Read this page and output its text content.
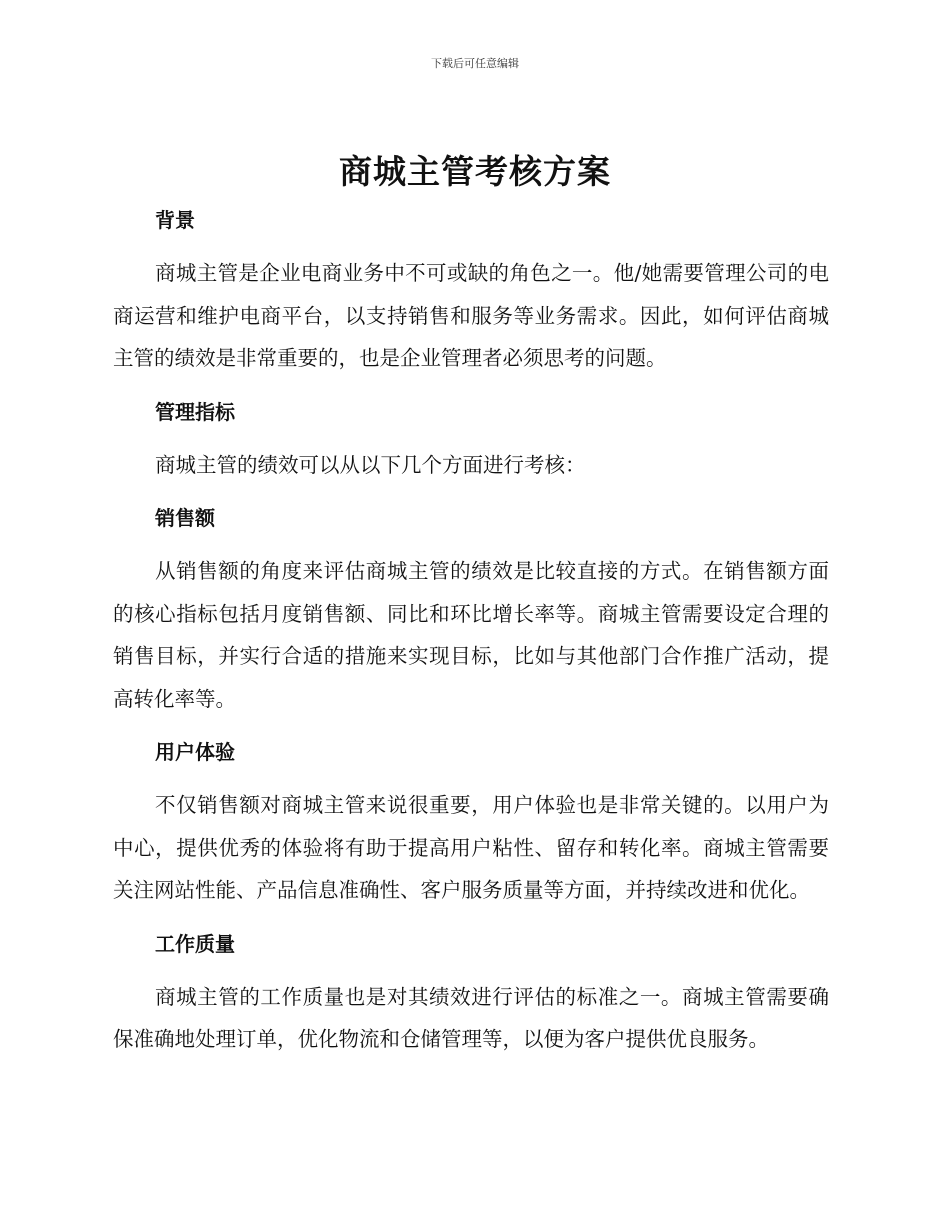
下载后可任意编辑
商城主管考核方案

背景

商城主管是企业电商业务中不可或缺的角色之一。他/她需要管理公司的电商运营和维护电商平台，以支持销售和服务等业务需求。因此，如何评估商城主管的绩效是非常重要的，也是企业管理者必须思考的问题。

管理指标

商城主管的绩效可以从以下几个方面进行考核：

销售额

从销售额的角度来评估商城主管的绩效是比较直接的方式。在销售额方面的核心指标包括月度销售额、同比和环比增长率等。商城主管需要设定合理的销售目标，并实行合适的措施来实现目标，比如与其他部门合作推广活动，提高转化率等。

用户体验

不仅销售额对商城主管来说很重要，用户体验也是非常关键的。以用户为中心，提供优秀的体验将有助于提高用户粘性、留存和转化率。商城主管需要关注网站性能、产品信息准确性、客户服务质量等方面，并持续改进和优化。

工作质量

商城主管的工作质量也是对其绩效进行评估的标准之一。商城主管需要确保准确地处理订单，优化物流和仓储管理等，以便为客户提供优良服务。
